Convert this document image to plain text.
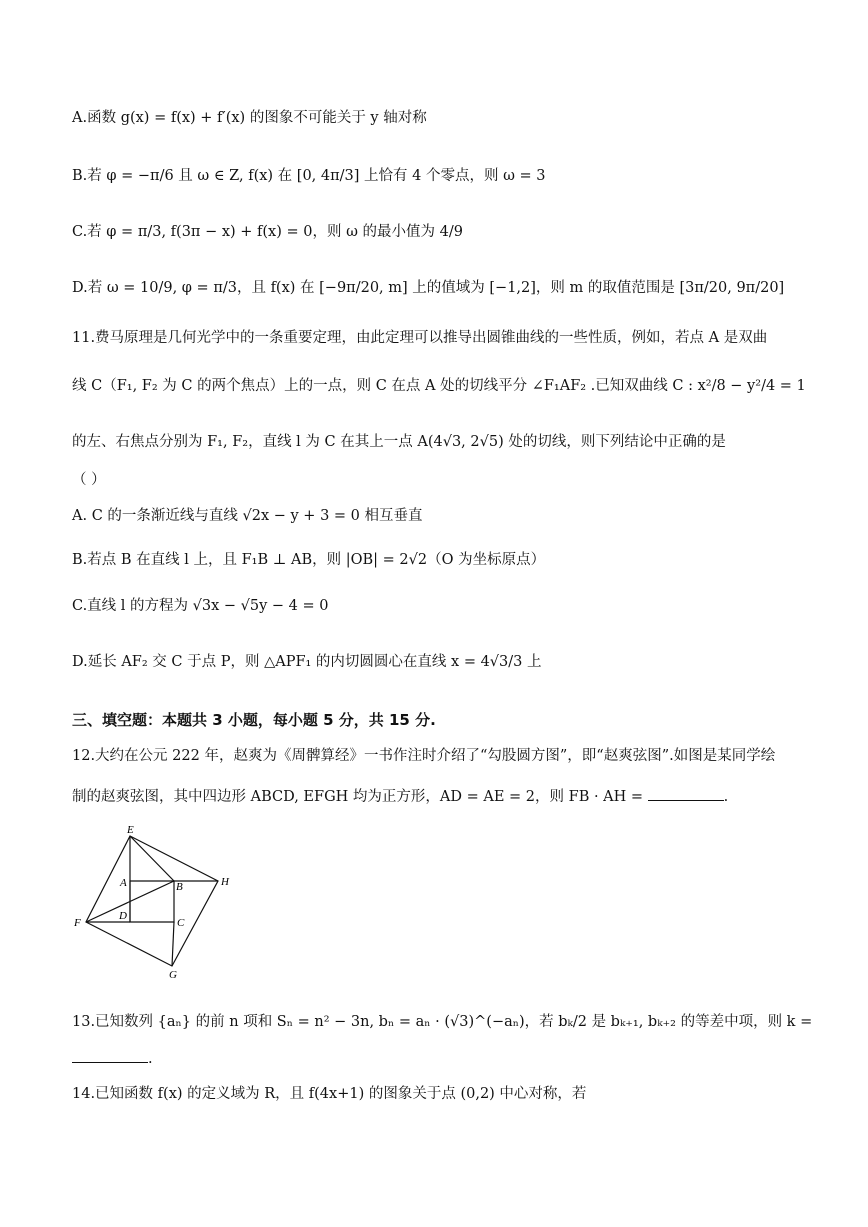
A.函数 g(x) = f(x) + f′(x) 的图象不可能关于 y 轴对称
B.若 φ = −π/6 且 ω ∈ Z, f(x) 在 [0, 4π/3] 上恰有 4 个零点，则 ω = 3
C.若 φ = π/3, f(3π − x) + f(x) = 0，则 ω 的最小值为 4/9
D.若 ω = 10/9, φ = π/3，且 f(x) 在 [−9π/20, m] 上的值域为 [−1,2]，则 m 的取值范围是 [3π/20, 9π/20]
11.费马原理是几何光学中的一条重要定理，由此定理可以推导出圆锥曲线的一些性质，例如，若点 A 是双曲
线 C（F₁, F₂ 为 C 的两个焦点）上的一点，则 C 在点 A 处的切线平分 ∠F₁AF₂ .已知双曲线 C : x²/8 − y²/4 = 1
的左、右焦点分别为 F₁, F₂，直线 l 为 C 在其上一点 A(4√3, 2√5) 处的切线，则下列结论中正确的是
（ ）
A. C 的一条渐近线与直线 √2x − y + 3 = 0 相互垂直
B.若点 B 在直线 l 上，且 F₁B ⊥ AB，则 |OB| = 2√2（O 为坐标原点）
C.直线 l 的方程为 √3x − √5y − 4 = 0
D.延长 AF₂ 交 C 于点 P，则 △APF₁ 的内切圆圆心在直线 x = 4√3/3 上
三、填空题：本题共 3 小题，每小题 5 分，共 15 分.
12.大约在公元 222 年，赵爽为《周髀算经》一书作注时介绍了“勾股圆方图”，即“赵爽弦图”.如图是某同学绘
制的赵爽弦图，其中四边形 ABCD, EFGH 均为正方形，AD = AE = 2，则 FB · AH =	.
E
F
G
H
A	B
C
D
13.已知数列 {aₙ} 的前 n 项和 Sₙ = n² − 3n, bₙ = aₙ · (√3)^(−aₙ)，若 bₖ/2 是 bₖ₊₁, bₖ₊₂ 的等差中项，则 k =
.
14.已知函数 f(x) 的定义域为 R，且 f(4x+1) 的图象关于点 (0,2) 中心对称，若
